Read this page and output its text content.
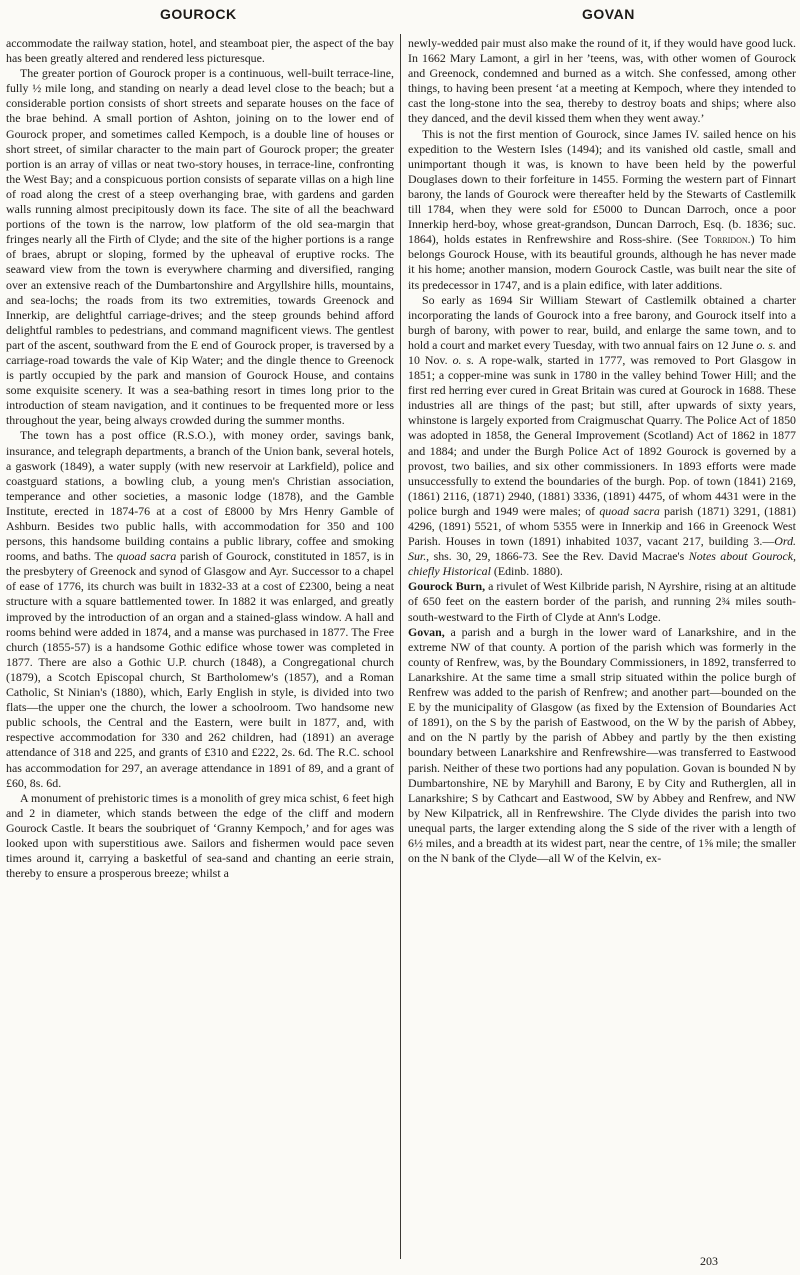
GOUROCK	GOVAN

accommodate the railway station, hotel, and steamboat pier, the aspect of the bay has been greatly altered and rendered less picturesque.

The greater portion of Gourock proper is a continuous, well-built terrace-line, fully ½ mile long, and standing on nearly a dead level close to the beach; but a considerable portion consists of short streets and separate houses on the face of the brae behind. A small portion of Ashton, joining on to the lower end of Gourock proper, and sometimes called Kempoch, is a double line of houses or short street, of similar character to the main part of Gourock proper; the greater portion is an array of villas or neat two-story houses, in terrace-line, confronting the West Bay; and a conspicuous portion consists of separate villas on a high line of road along the crest of a steep overhanging brae, with gardens and garden walls running almost precipitously down its face. The site of all the beachward portions of the town is the narrow, low platform of the old sea-margin that fringes nearly all the Firth of Clyde; and the site of the higher portions is a range of braes, abrupt or sloping, formed by the upheaval of eruptive rocks. The seaward view from the town is everywhere charming and diversified, ranging over an extensive reach of the Dumbartonshire and Argyllshire hills, mountains, and sea-lochs; the roads from its two extremities, towards Greenock and Innerkip, are delightful carriage-drives; and the steep grounds behind afford delightful rambles to pedestrians, and command magnificent views. The gentlest part of the ascent, southward from the E end of Gourock proper, is traversed by a carriage-road towards the vale of Kip Water; and the dingle thence to Greenock is partly occupied by the park and mansion of Gourock House, and contains some exquisite scenery. It was a sea-bathing resort in times long prior to the introduction of steam navigation, and it continues to be frequented more or less throughout the year, being always crowded during the summer months.

The town has a post office (R.S.O.), with money order, savings bank, insurance, and telegraph departments, a branch of the Union bank, several hotels, a gaswork (1849), a water supply (with new reservoir at Larkfield), police and coastguard stations, a bowling club, a young men's Christian association, temperance and other societies, a masonic lodge (1878), and the Gamble Institute, erected in 1874-76 at a cost of £8000 by Mrs Henry Gamble of Ashburn. Besides two public halls, with accommodation for 350 and 100 persons, this handsome building contains a public library, coffee and smoking rooms, and baths. The quoad sacra parish of Gourock, constituted in 1857, is in the presbytery of Greenock and synod of Glasgow and Ayr. Successor to a chapel of ease of 1776, its church was built in 1832-33 at a cost of £2300, being a neat structure with a square battlemented tower. In 1882 it was enlarged, and greatly improved by the introduction of an organ and a stained-glass window. A hall and rooms behind were added in 1874, and a manse was purchased in 1877. The Free church (1855-57) is a handsome Gothic edifice whose tower was completed in 1877. There are also a Gothic U.P. church (1848), a Congregational church (1879), a Scotch Episcopal church, St Bartholomew's (1857), and a Roman Catholic, St Ninian's (1880), which, Early English in style, is divided into two flats—the upper one the church, the lower a schoolroom. Two handsome new public schools, the Central and the Eastern, were built in 1877, and, with respective accommodation for 330 and 262 children, had (1891) an average attendance of 318 and 225, and grants of £310 and £222, 2s. 6d. The R.C. school has accommodation for 297, an average attendance in 1891 of 89, and a grant of £60, 8s. 6d.

A monument of prehistoric times is a monolith of grey mica schist, 6 feet high and 2 in diameter, which stands between the edge of the cliff and modern Gourock Castle. It bears the soubriquet of ‘Granny Kempoch,’ and for ages was looked upon with superstitious awe. Sailors and fishermen would pace seven times around it, carrying a basketful of sea-sand and chanting an eerie strain, thereby to ensure a prosperous breeze; whilst a

newly-wedded pair must also make the round of it, if they would have good luck. In 1662 Mary Lamont, a girl in her ’teens, was, with other women of Gourock and Greenock, condemned and burned as a witch. She confessed, among other things, to having been present ‘at a meeting at Kempoch, where they intended to cast the long-stone into the sea, thereby to destroy boats and ships; where also they danced, and the devil kissed them when they went away.’

This is not the first mention of Gourock, since James IV. sailed hence on his expedition to the Western Isles (1494); and its vanished old castle, small and unimportant though it was, is known to have been held by the powerful Douglases down to their forfeiture in 1455. Forming the western part of Finnart barony, the lands of Gourock were thereafter held by the Stewarts of Castlemilk till 1784, when they were sold for £5000 to Duncan Darroch, once a poor Innerkip herd-boy, whose great-grandson, Duncan Darroch, Esq. (b. 1836; suc. 1864), holds estates in Renfrewshire and Ross-shire. (See Torridon.) To him belongs Gourock House, with its beautiful grounds, although he has never made it his home; another mansion, modern Gourock Castle, was built near the site of its predecessor in 1747, and is a plain edifice, with later additions.

So early as 1694 Sir William Stewart of Castlemilk obtained a charter incorporating the lands of Gourock into a free barony, and Gourock itself into a burgh of barony, with power to rear, build, and enlarge the same town, and to hold a court and market every Tuesday, with two annual fairs on 12 June o. s. and 10 Nov. o. s. A rope-walk, started in 1777, was removed to Port Glasgow in 1851; a copper-mine was sunk in 1780 in the valley behind Tower Hill; and the first red herring ever cured in Great Britain was cured at Gourock in 1688. These industries all are things of the past; but still, after upwards of sixty years, whinstone is largely exported from Craigmuschat Quarry. The Police Act of 1850 was adopted in 1858, the General Improvement (Scotland) Act of 1862 in 1877 and 1884; and under the Burgh Police Act of 1892 Gourock is governed by a provost, two bailies, and six other commissioners. In 1893 efforts were made unsuccessfully to extend the boundaries of the burgh. Pop. of town (1841) 2169, (1861) 2116, (1871) 2940, (1881) 3336, (1891) 4475, of whom 4431 were in the police burgh and 1949 were males; of quoad sacra parish (1871) 3291, (1881) 4296, (1891) 5521, of whom 5355 were in Innerkip and 166 in Greenock West Parish. Houses in town (1891) inhabited 1037, vacant 217, building 3.—Ord. Sur., shs. 30, 29, 1866-73. See the Rev. David Macrae's Notes about Gourock, chiefly Historical (Edinb. 1880).

Gourock Burn, a rivulet of West Kilbride parish, N Ayrshire, rising at an altitude of 650 feet on the eastern border of the parish, and running 2¾ miles south-south-westward to the Firth of Clyde at Ann's Lodge.

Govan, a parish and a burgh in the lower ward of Lanarkshire, and in the extreme NW of that county. A portion of the parish which was formerly in the county of Renfrew, was, by the Boundary Commissioners, in 1892, transferred to Lanarkshire. At the same time a small strip situated within the police burgh of Renfrew was added to the parish of Renfrew; and another part—bounded on the E by the municipality of Glasgow (as fixed by the Extension of Boundaries Act of 1891), on the S by the parish of Eastwood, on the W by the parish of Abbey, and on the N partly by the parish of Abbey and partly by the then existing boundary between Lanarkshire and Renfrewshire—was transferred to Eastwood parish. Neither of these two portions had any population. Govan is bounded N by Dumbartonshire, NE by Maryhill and Barony, E by City and Rutherglen, all in Lanarkshire; S by Cathcart and Eastwood, SW by Abbey and Renfrew, and NW by New Kilpatrick, all in Renfrewshire. The Clyde divides the parish into two unequal parts, the larger extending along the S side of the river with a length of 6½ miles, and a breadth at its widest part, near the centre, of 1⅝ mile; the smaller on the N bank of the Clyde—all W of the Kelvin, ex-

203
